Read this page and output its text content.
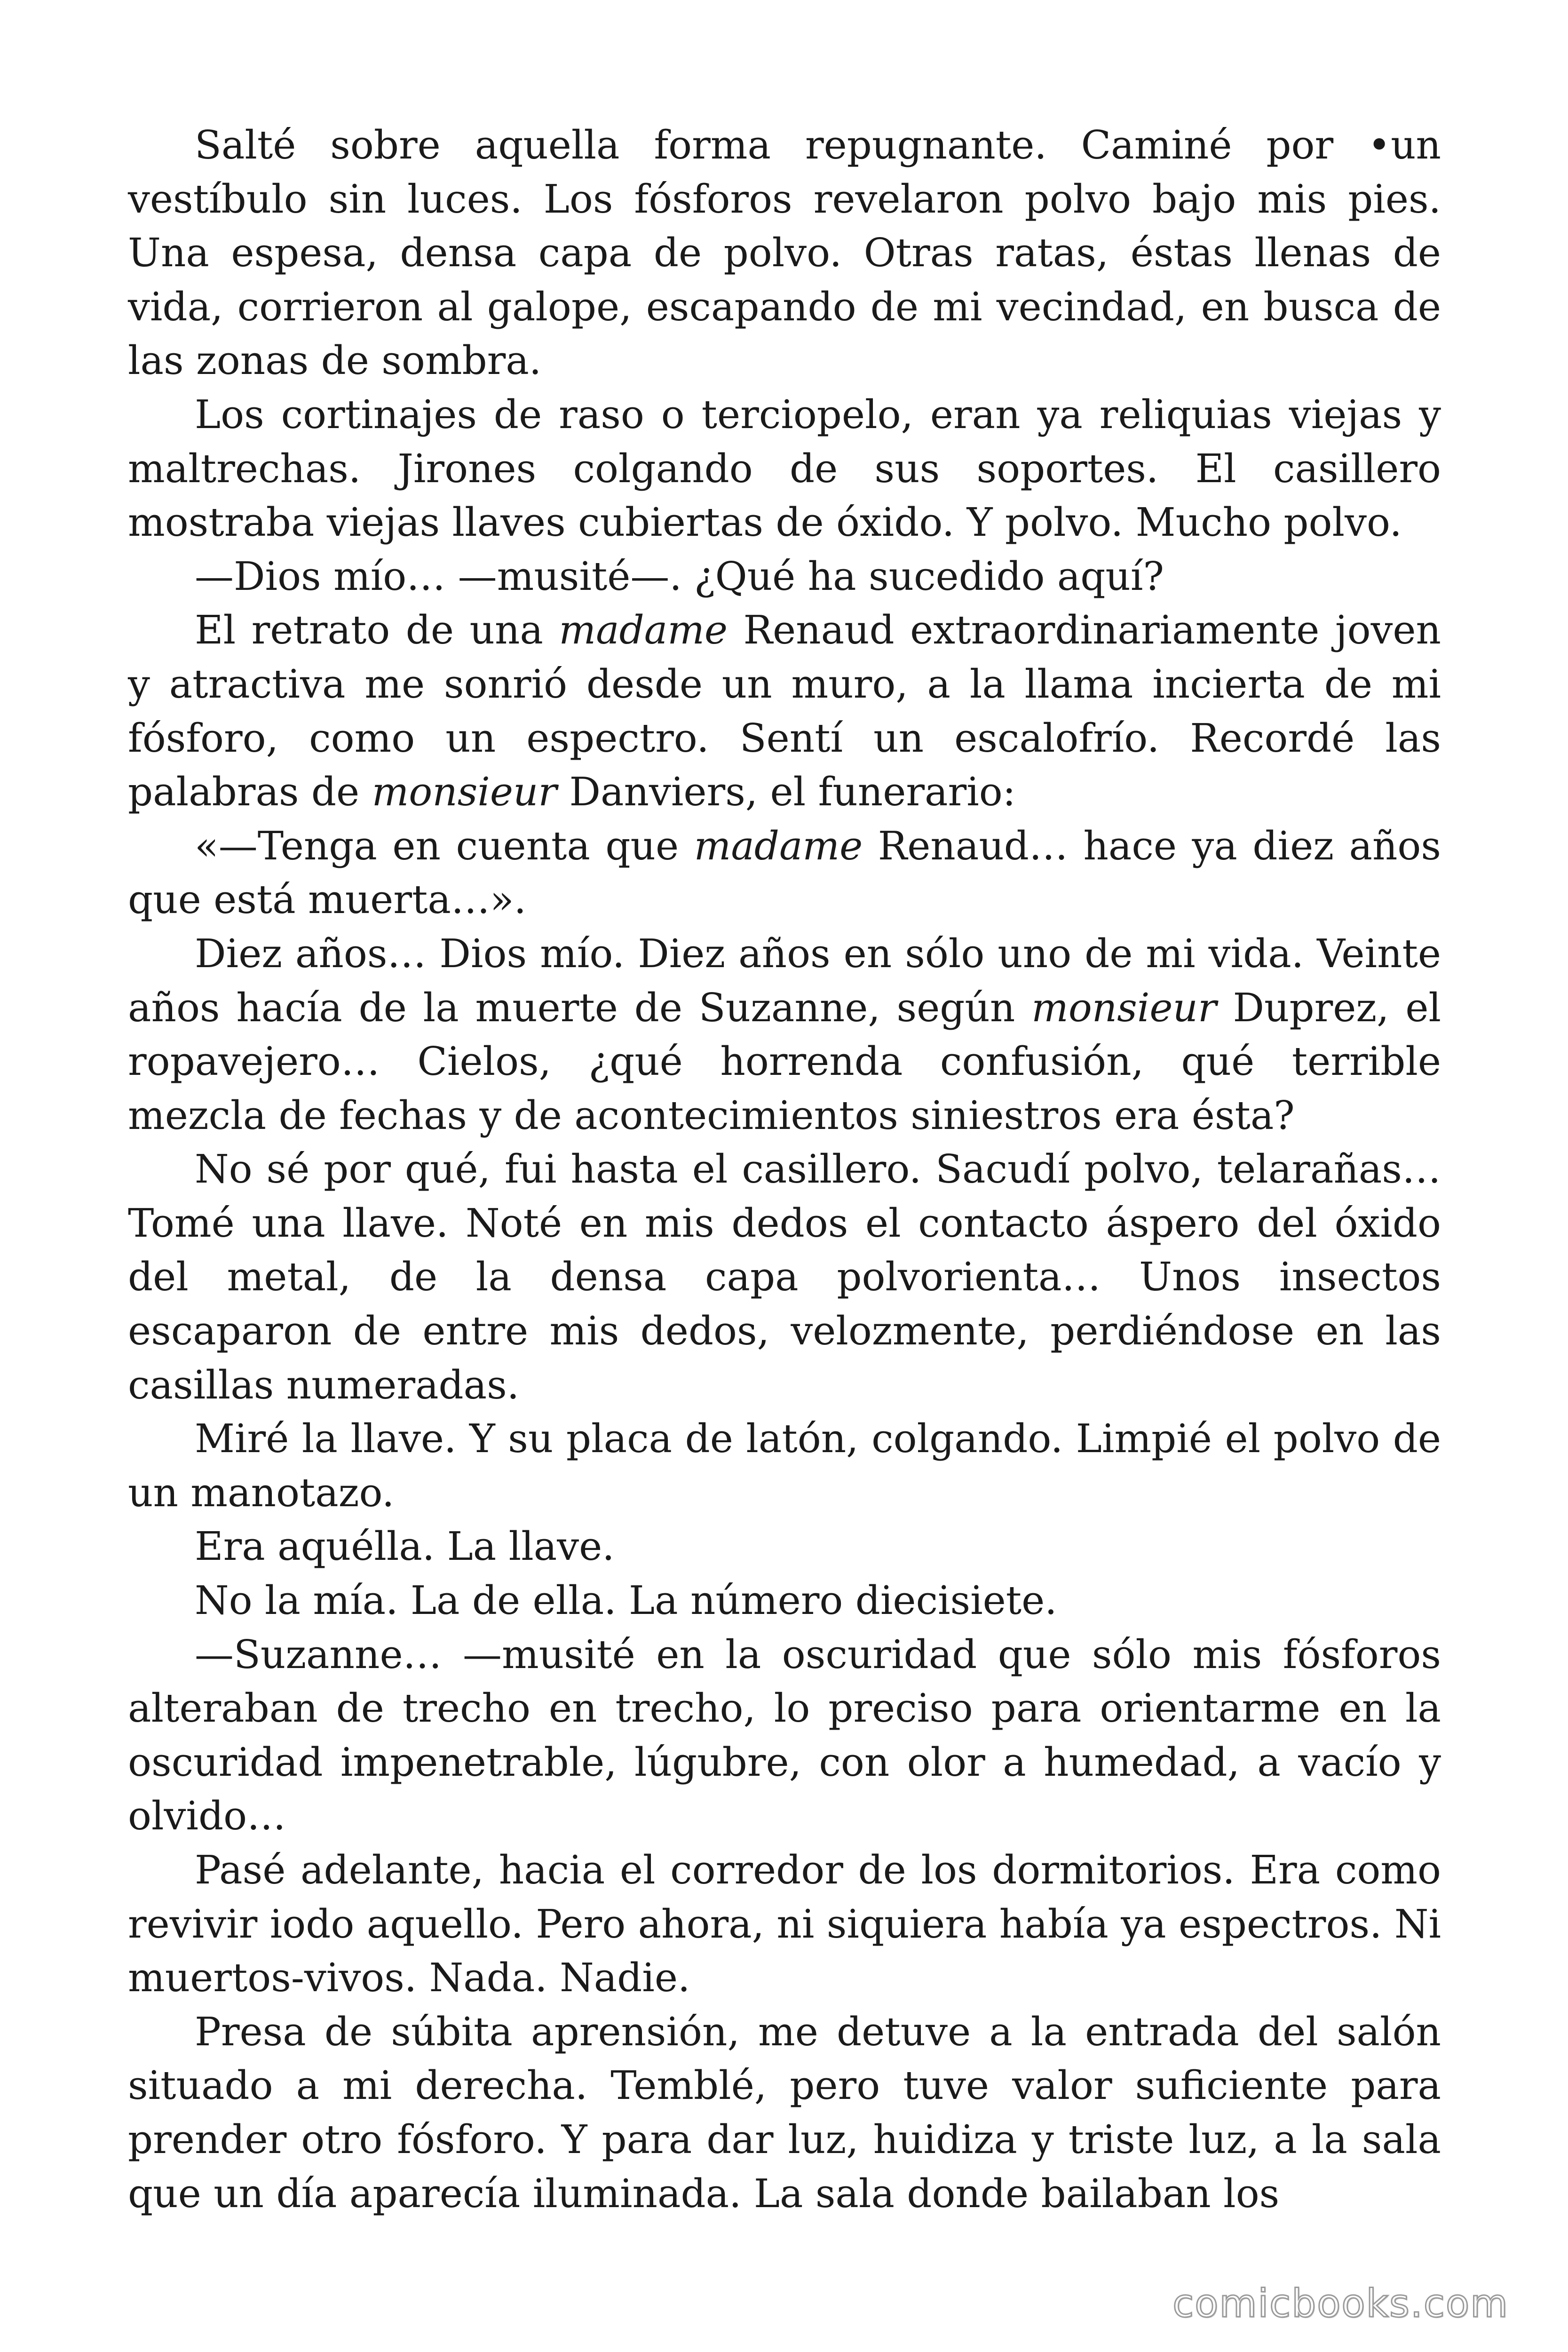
Salté sobre aquella forma repugnante. Caminé por •un vestíbulo sin luces. Los fósforos revelaron polvo bajo mis pies. Una espesa, densa capa de polvo. Otras ratas, éstas llenas de vida, corrieron al galope, escapando de mi vecindad, en busca de las zonas de sombra.

Los cortinajes de raso o terciopelo, eran ya reliquias viejas y maltrechas. Jirones colgando de sus soportes. El casillero mostraba viejas llaves cubiertas de óxido. Y polvo. Mucho polvo.

—Dios mío… —musité—. ¿Qué ha sucedido aquí?

El retrato de una madame Renaud extraordinariamente joven y atractiva me sonrió desde un muro, a la llama incierta de mi fósforo, como un espectro. Sentí un escalofrío. Recordé las palabras de monsieur Danviers, el funerario:

«—Tenga en cuenta que madame Renaud… hace ya diez años que está muerta…».

Diez años… Dios mío. Diez años en sólo uno de mi vida. Veinte años hacía de la muerte de Suzanne, según monsieur Duprez, el ropavejero… Cielos, ¿qué horrenda confusión, qué terrible mezcla de fechas y de acontecimientos siniestros era ésta?

No sé por qué, fui hasta el casillero. Sacudí polvo, telarañas… Tomé una llave. Noté en mis dedos el contacto áspero del óxido del metal, de la densa capa polvorienta… Unos insectos escaparon de entre mis dedos, velozmente, perdiéndose en las casillas numeradas.

Miré la llave. Y su placa de latón, colgando. Limpié el polvo de un manotazo.

Era aquélla. La llave.

No la mía. La de ella. La número diecisiete.

—Suzanne… —musité en la oscuridad que sólo mis fósforos alteraban de trecho en trecho, lo preciso para orientarme en la oscuridad impenetrable, lúgubre, con olor a humedad, a vacío y olvido…

Pasé adelante, hacia el corredor de los dormitorios. Era como revivir iodo aquello. Pero ahora, ni siquiera había ya espectros. Ni muertos-vivos. Nada. Nadie.

Presa de súbita aprensión, me detuve a la entrada del salón situado a mi derecha. Temblé, pero tuve valor suficiente para prender otro fósforo. Y para dar luz, huidiza y triste luz, a la sala que un día aparecía iluminada. La sala donde bailaban los

comicbooks.com
